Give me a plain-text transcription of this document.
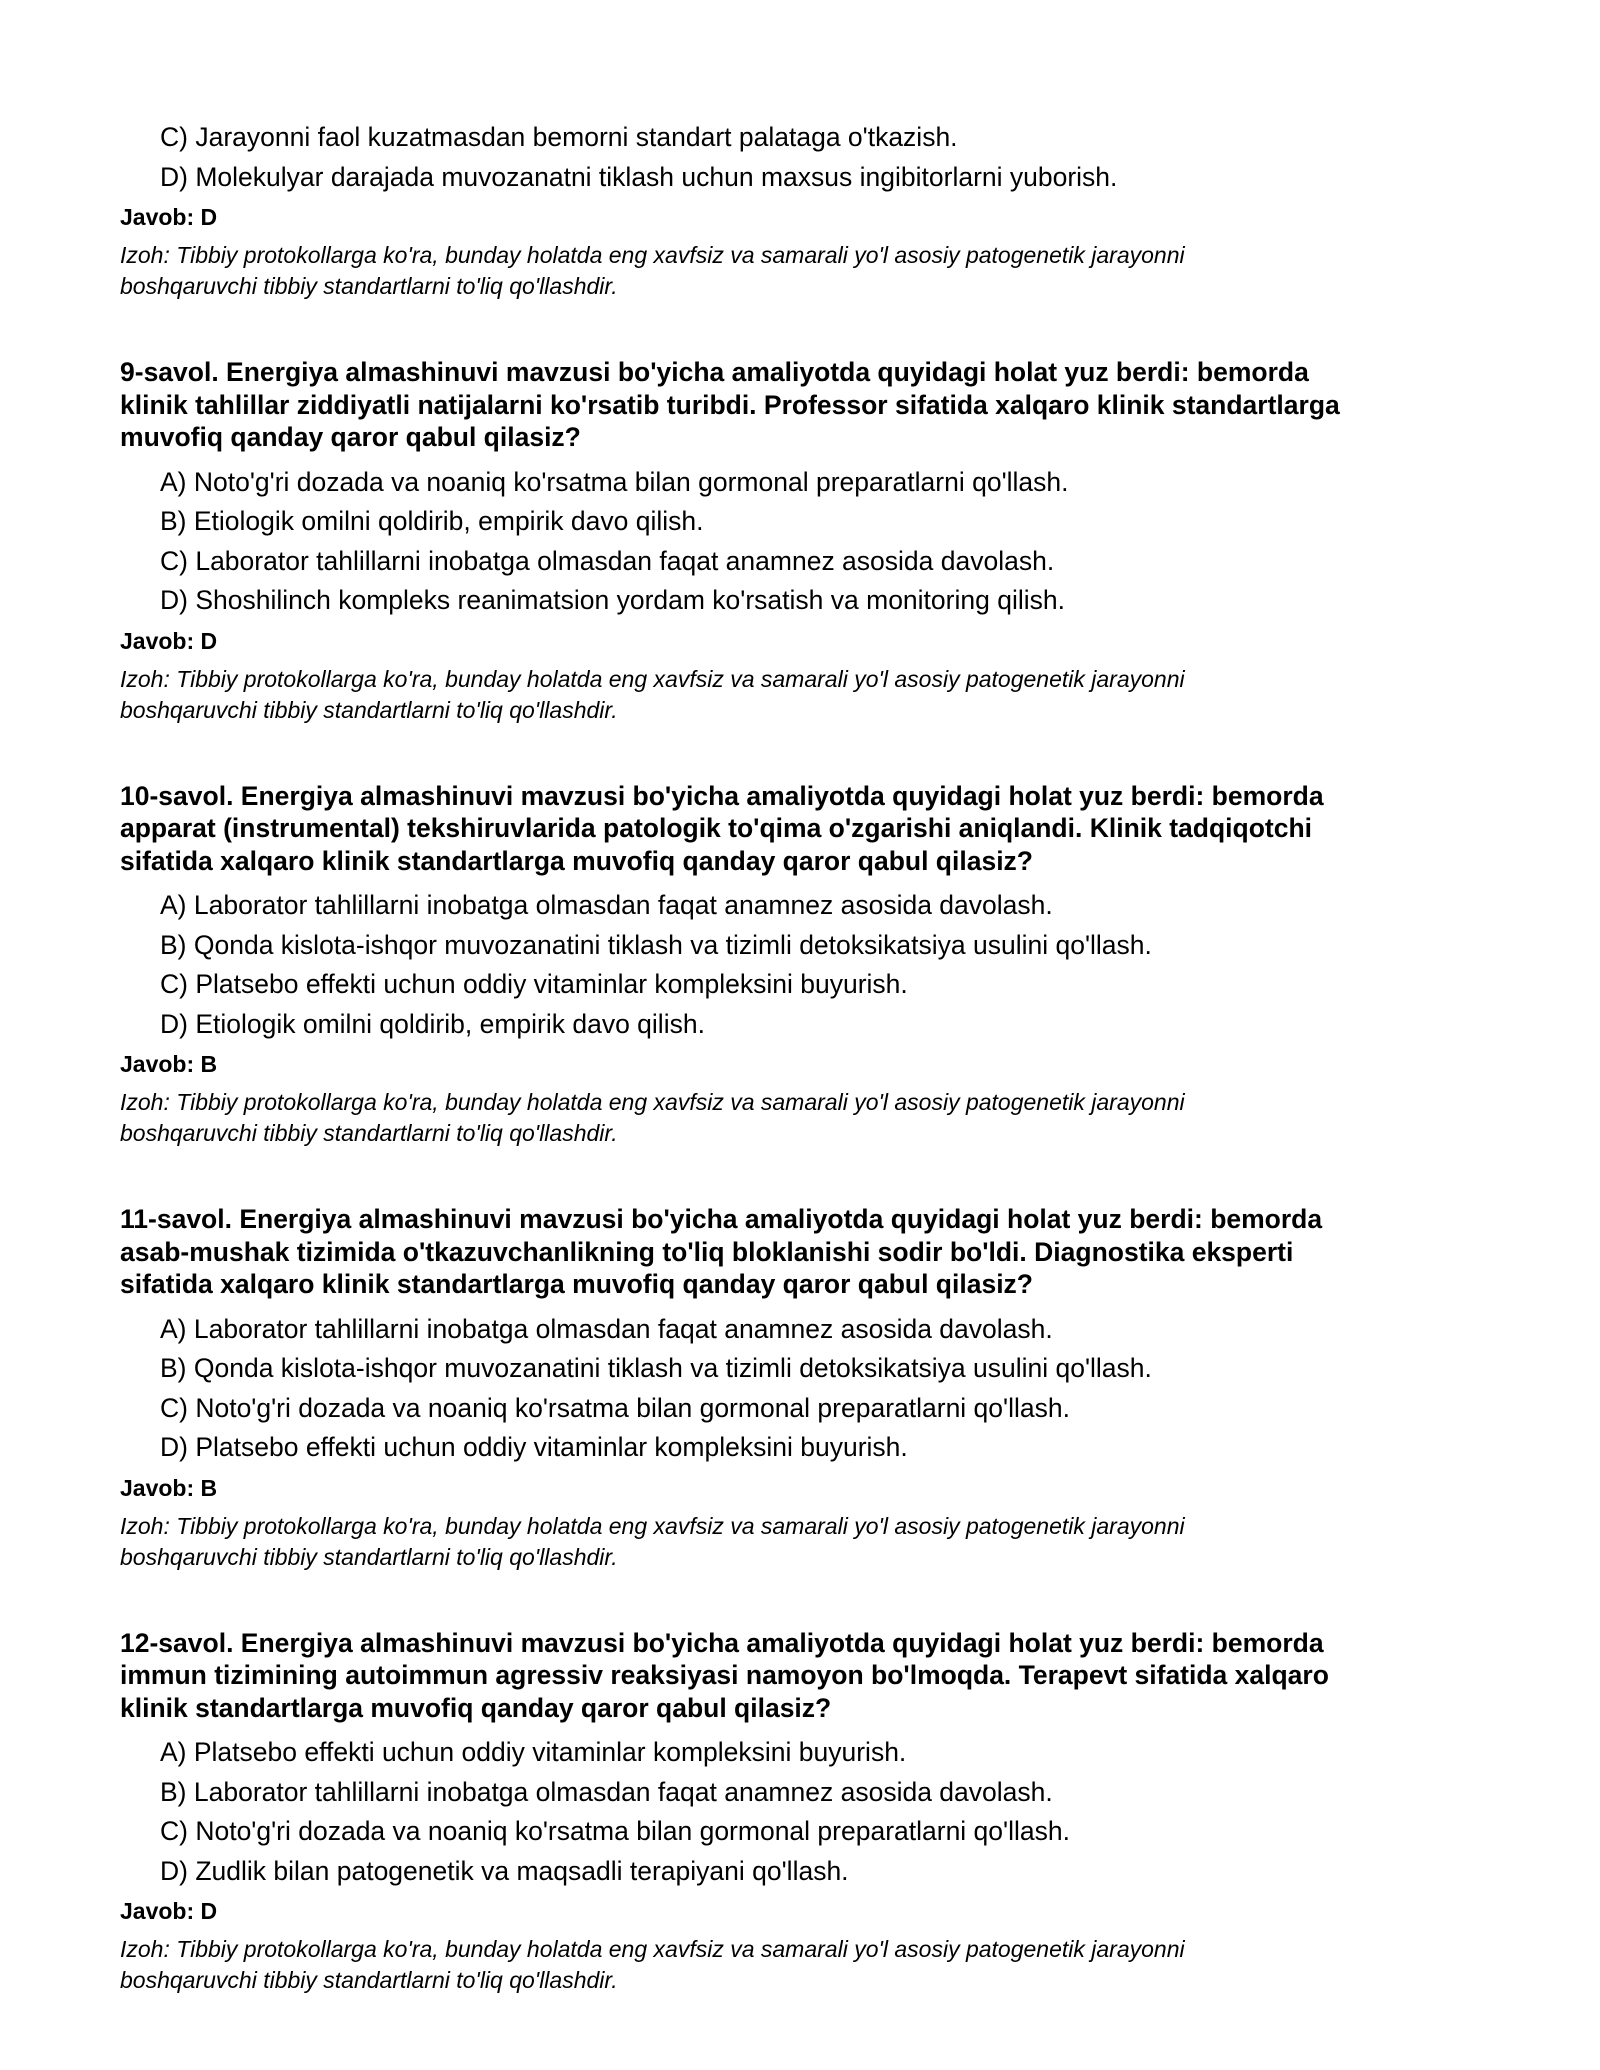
C) Jarayonni faol kuzatmasdan bemorni standart palataga o'tkazish.
D) Molekulyar darajada muvozanatni tiklash uchun maxsus ingibitorlarni yuborish.
Javob: D
Izoh: Tibbiy protokollarga ko'ra, bunday holatda eng xavfsiz va samarali yo'l asosiy patogenetik jarayonni
boshqaruvchi tibbiy standartlarni to'liq qo'llashdir.
9-savol. Energiya almashinuvi mavzusi bo'yicha amaliyotda quyidagi holat yuz berdi: bemorda
klinik tahlillar ziddiyatli natijalarni ko'rsatib turibdi. Professor sifatida xalqaro klinik standartlarga
muvofiq qanday qaror qabul qilasiz?
A) Noto'g'ri dozada va noaniq ko'rsatma bilan gormonal preparatlarni qo'llash.
B) Etiologik omilni qoldirib, empirik davo qilish.
C) Laborator tahlillarni inobatga olmasdan faqat anamnez asosida davolash.
D) Shoshilinch kompleks reanimatsion yordam ko'rsatish va monitoring qilish.
Javob: D
Izoh: Tibbiy protokollarga ko'ra, bunday holatda eng xavfsiz va samarali yo'l asosiy patogenetik jarayonni
boshqaruvchi tibbiy standartlarni to'liq qo'llashdir.
10-savol. Energiya almashinuvi mavzusi bo'yicha amaliyotda quyidagi holat yuz berdi: bemorda
apparat (instrumental) tekshiruvlarida patologik to'qima o'zgarishi aniqlandi. Klinik tadqiqotchi
sifatida xalqaro klinik standartlarga muvofiq qanday qaror qabul qilasiz?
A) Laborator tahlillarni inobatga olmasdan faqat anamnez asosida davolash.
B) Qonda kislota-ishqor muvozanatini tiklash va tizimli detoksikatsiya usulini qo'llash.
C) Platsebo effekti uchun oddiy vitaminlar kompleksini buyurish.
D) Etiologik omilni qoldirib, empirik davo qilish.
Javob: B
Izoh: Tibbiy protokollarga ko'ra, bunday holatda eng xavfsiz va samarali yo'l asosiy patogenetik jarayonni
boshqaruvchi tibbiy standartlarni to'liq qo'llashdir.
11-savol. Energiya almashinuvi mavzusi bo'yicha amaliyotda quyidagi holat yuz berdi: bemorda
asab-mushak tizimida o'tkazuvchanlikning to'liq bloklanishi sodir bo'ldi. Diagnostika eksperti
sifatida xalqaro klinik standartlarga muvofiq qanday qaror qabul qilasiz?
A) Laborator tahlillarni inobatga olmasdan faqat anamnez asosida davolash.
B) Qonda kislota-ishqor muvozanatini tiklash va tizimli detoksikatsiya usulini qo'llash.
C) Noto'g'ri dozada va noaniq ko'rsatma bilan gormonal preparatlarni qo'llash.
D) Platsebo effekti uchun oddiy vitaminlar kompleksini buyurish.
Javob: B
Izoh: Tibbiy protokollarga ko'ra, bunday holatda eng xavfsiz va samarali yo'l asosiy patogenetik jarayonni
boshqaruvchi tibbiy standartlarni to'liq qo'llashdir.
12-savol. Energiya almashinuvi mavzusi bo'yicha amaliyotda quyidagi holat yuz berdi: bemorda
immun tizimining autoimmun agressiv reaksiyasi namoyon bo'lmoqda. Terapevt sifatida xalqaro
klinik standartlarga muvofiq qanday qaror qabul qilasiz?
A) Platsebo effekti uchun oddiy vitaminlar kompleksini buyurish.
B) Laborator tahlillarni inobatga olmasdan faqat anamnez asosida davolash.
C) Noto'g'ri dozada va noaniq ko'rsatma bilan gormonal preparatlarni qo'llash.
D) Zudlik bilan patogenetik va maqsadli terapiyani qo'llash.
Javob: D
Izoh: Tibbiy protokollarga ko'ra, bunday holatda eng xavfsiz va samarali yo'l asosiy patogenetik jarayonni
boshqaruvchi tibbiy standartlarni to'liq qo'llashdir.
